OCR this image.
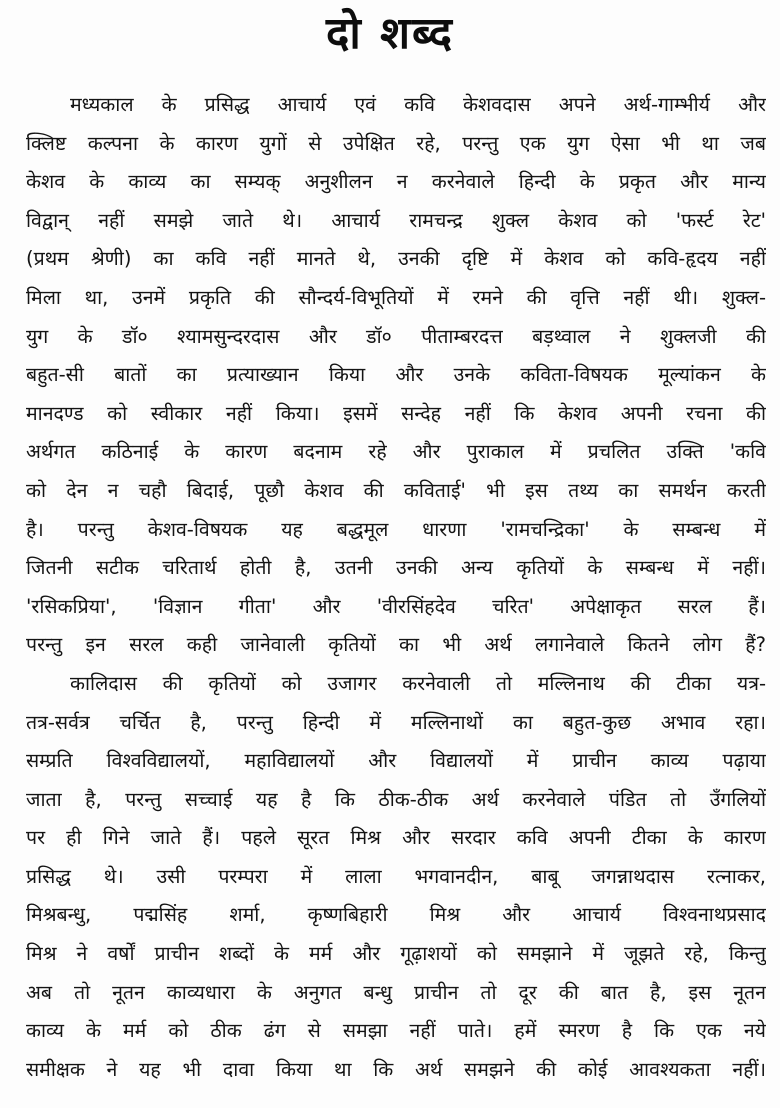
दो शब्द
मध्यकाल के प्रसिद्ध आचार्य एवं कवि केशवदास अपने अर्थ-गाम्भीर्य और
क्लिष्ट कल्पना के कारण युगों से उपेक्षित रहे, परन्तु एक युग ऐसा भी था जब
केशव के काव्य का सम्यक् अनुशीलन न करनेवाले हिन्दी के प्रकृत और मान्य
विद्वान् नहीं समझे जाते थे। आचार्य रामचन्द्र शुक्ल केशव को 'फर्स्ट रेट'
(प्रथम श्रेणी) का कवि नहीं मानते थे, उनकी दृष्टि में केशव को कवि-हृदय नहीं
मिला था, उनमें प्रकृति की सौन्दर्य-विभूतियों में रमने की वृत्ति नहीं थी। शुक्ल-
युग के डॉ० श्यामसुन्दरदास और डॉ० पीताम्बरदत्त बड़थ्वाल ने शुक्लजी की
बहुत-सी बातों का प्रत्याख्यान किया और उनके कविता-विषयक मूल्यांकन के
मानदण्ड को स्वीकार नहीं किया। इसमें सन्देह नहीं कि केशव अपनी रचना की
अर्थगत कठिनाई के कारण बदनाम रहे और पुराकाल में प्रचलित उक्ति 'कवि
को देन न चहौ बिदाई, पूछौ केशव की कविताई' भी इस तथ्य का समर्थन करती
है। परन्तु केशव-विषयक यह बद्धमूल धारणा 'रामचन्द्रिका' के सम्बन्ध में
जितनी सटीक चरितार्थ होती है, उतनी उनकी अन्य कृतियों के सम्बन्ध में नहीं।
'रसिकप्रिया', 'विज्ञान गीता' और 'वीरसिंहदेव चरित' अपेक्षाकृत सरल हैं।
परन्तु इन सरल कही जानेवाली कृतियों का भी अर्थ लगानेवाले कितने लोग हैं?
कालिदास की कृतियों को उजागर करनेवाली तो मल्लिनाथ की टीका यत्र-
तत्र-सर्वत्र चर्चित है, परन्तु हिन्दी में मल्लिनाथों का बहुत-कुछ अभाव रहा।
सम्प्रति विश्वविद्यालयों, महाविद्यालयों और विद्यालयों में प्राचीन काव्य पढ़ाया
जाता है, परन्तु सच्चाई यह है कि ठीक-ठीक अर्थ करनेवाले पंडित तो उँगलियों
पर ही गिने जाते हैं। पहले सूरत मिश्र और सरदार कवि अपनी टीका के कारण
प्रसिद्ध थे। उसी परम्परा में लाला भगवानदीन, बाबू जगन्नाथदास रत्नाकर,
मिश्रबन्धु, पद्मसिंह शर्मा, कृष्णबिहारी मिश्र और आचार्य विश्वनाथप्रसाद
मिश्र ने वर्षों प्राचीन शब्दों के मर्म और गूढ़ाशयों को समझाने में जूझते रहे, किन्तु
अब तो नूतन काव्यधारा के अनुगत बन्धु प्राचीन तो दूर की बात है, इस नूतन
काव्य के मर्म को ठीक ढंग से समझा नहीं पाते। हमें स्मरण है कि एक नये
समीक्षक ने यह भी दावा किया था कि अर्थ समझने की कोई आवश्यकता नहीं।
